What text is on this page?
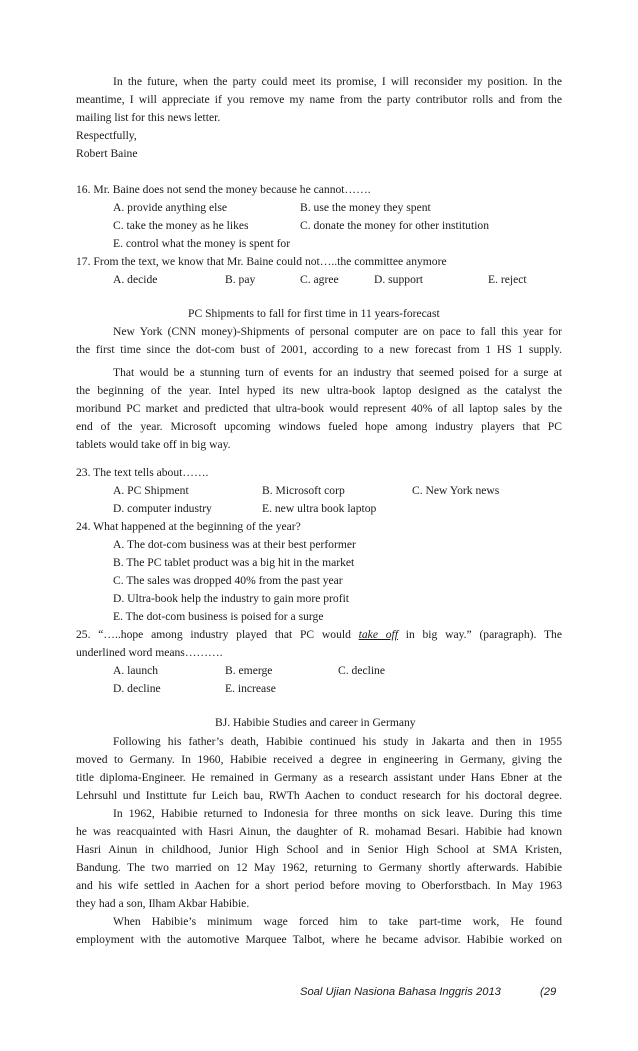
In the future, when the party could meet its promise, I will reconsider my position. In the
meantime, I will appreciate if you remove my name from the party contributor rolls and from the
mailing list for this news letter.
Respectfully,
Robert Baine
16. Mr. Baine does not send the money because he cannot…….
A. provide anything else	B. use the money they spent
C. take the money as he likes	C. donate the money for other institution
E. control what the money is spent for
17. From the text, we know that Mr. Baine could not…..the committee anymore
A. decide	B. pay	C. agree	D. support	E. reject
PC Shipments to fall for first time in 11 years-forecast
New York (CNN money)-Shipments of personal computer are on pace to fall this year for
the first time since the dot-com bust of 2001, according to a new forecast from 1 HS 1 supply.
That would be a stunning turn of events for an industry that seemed poised for a surge at
the beginning of the year. Intel hyped its new ultra-book laptop designed as the catalyst the
moribund PC market and predicted that ultra-book would represent 40% of all laptop sales by the
end of the year. Microsoft upcoming windows fueled hope among industry players that PC
tablets would take off in big way.
23. The text tells about…….
A. PC Shipment	B. Microsoft corp	C. New York news
D. computer industry	E. new ultra book laptop
24. What happened at the beginning of the year?
A. The dot-com business was at their best performer
B. The PC tablet product was a big hit in the market
C. The sales was dropped 40% from the past year
D. Ultra-book help the industry to gain more profit
E. The dot-com business is poised for a surge
25. “…..hope among industry played that PC would take off in big way.” (paragraph). The
underlined word means……….
A. launch	B. emerge	C. decline
D. decline	E. increase
BJ. Habibie Studies and career in Germany
Following his father’s death, Habibie continued his study in Jakarta and then in 1955
moved to Germany. In 1960, Habibie received a degree in engineering in Germany, giving the
title diploma-Engineer. He remained in Germany as a research assistant under Hans Ebner at the
Lehrsuhl und Instittute fur Leich bau, RWTh Aachen to conduct research for his doctoral degree.
In 1962, Habibie returned to Indonesia for three months on sick leave. During this time
he was reacquainted with Hasri Ainun, the daughter of R. mohamad Besari. Habibie had known
Hasri Ainun in childhood, Junior High School and in Senior High School at SMA Kristen,
Bandung. The two married on 12 May 1962, returning to Germany shortly afterwards. Habibie
and his wife settled in Aachen for a short period before moving to Oberforstbach. In May 1963
they had a son, Ilham Akbar Habibie.
When Habibie’s minimum wage forced him to take part-time work, He found
employment with the automotive Marquee Talbot, where he became advisor. Habibie worked on
Soal Ujian Nasiona Bahasa Inggris 2013	(29
